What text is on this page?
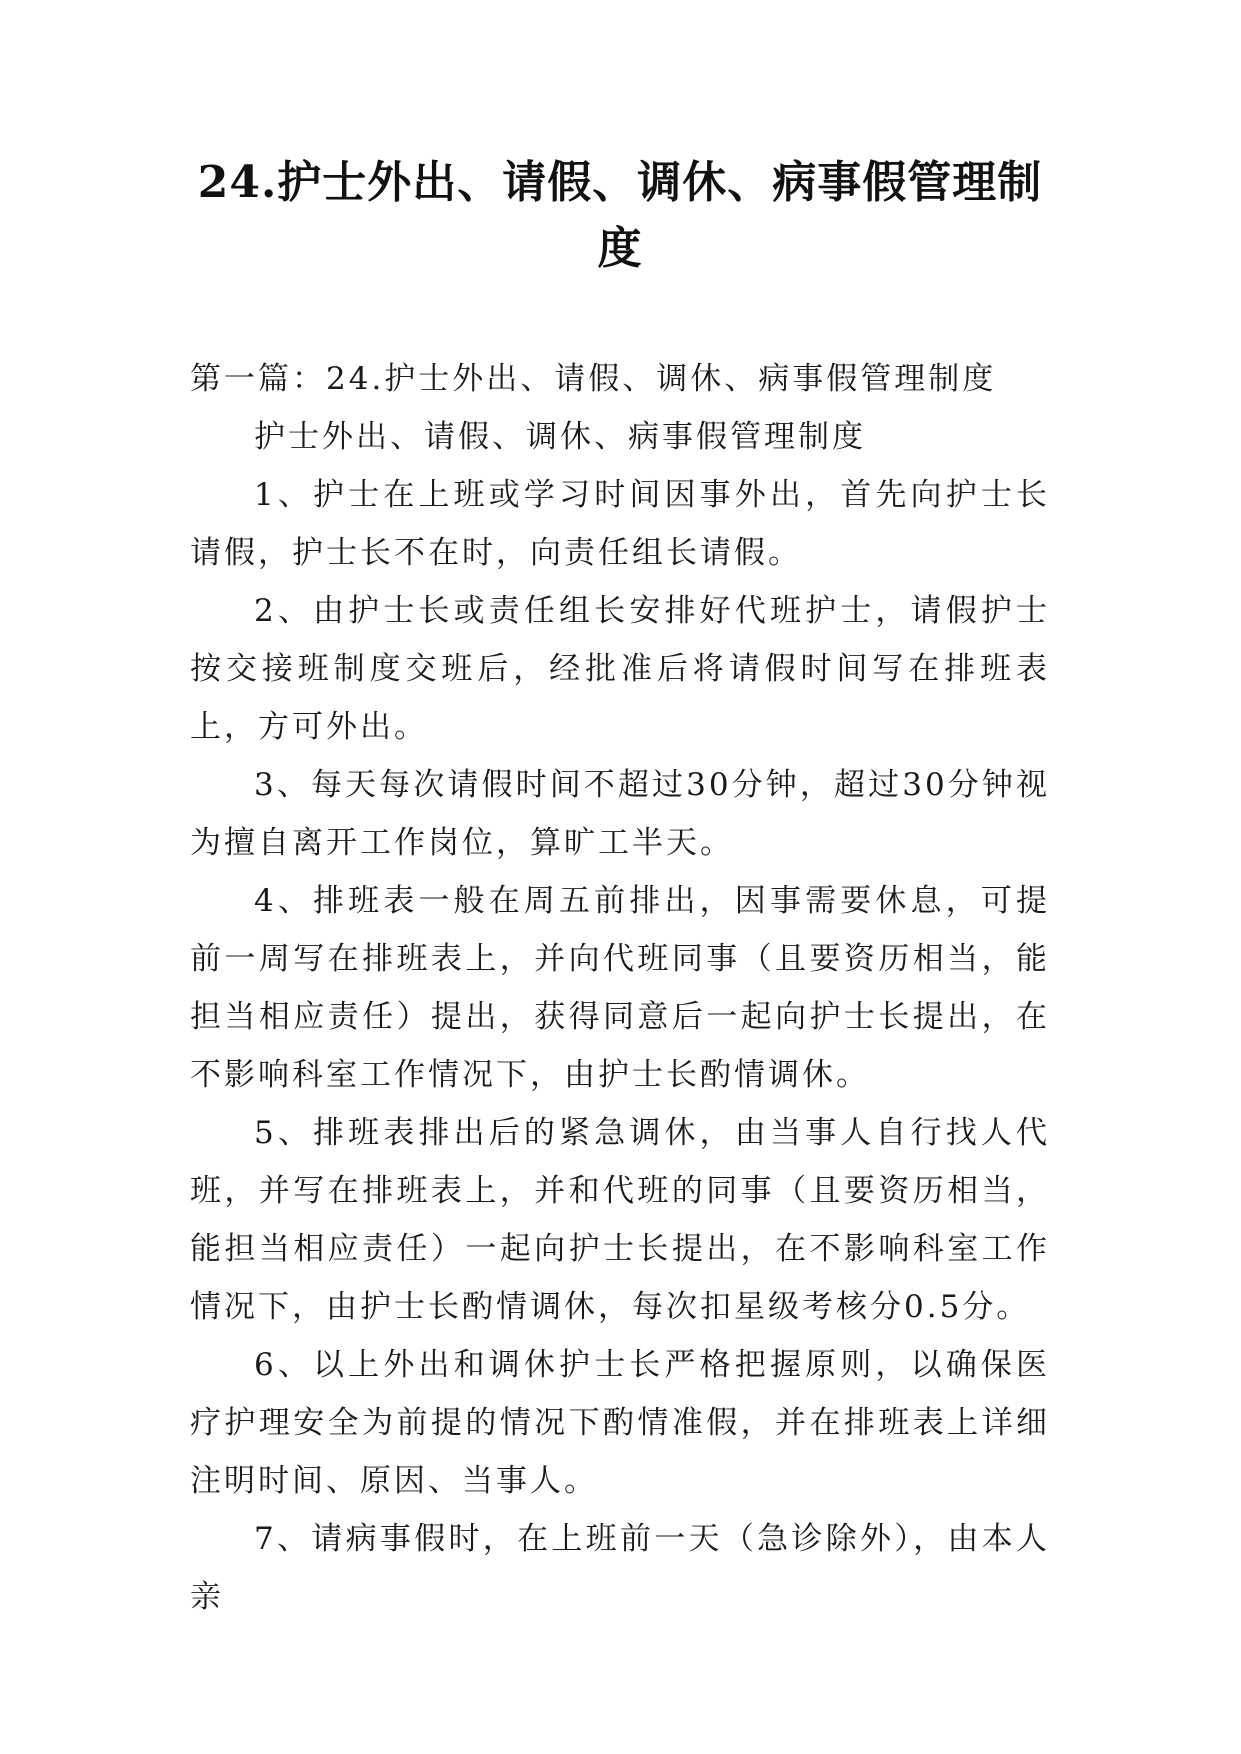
24.护士外出、请假、调休、病事假管理制度

第一篇：24.护士外出、请假、调休、病事假管理制度

护士外出、请假、调休、病事假管理制度

1、护士在上班或学习时间因事外出，首先向护士长请假，护士长不在时，向责任组长请假。

2、由护士长或责任组长安排好代班护士，请假护士按交接班制度交班后，经批准后将请假时间写在排班表上，方可外出。

3、每天每次请假时间不超过30分钟，超过30分钟视为擅自离开工作岗位，算旷工半天。

4、排班表一般在周五前排出，因事需要休息，可提前一周写在排班表上，并向代班同事（且要资历相当，能担当相应责任）提出，获得同意后一起向护士长提出，在不影响科室工作情况下，由护士长酌情调休。

5、排班表排出后的紧急调休，由当事人自行找人代班，并写在排班表上，并和代班的同事（且要资历相当，能担当相应责任）一起向护士长提出，在不影响科室工作情况下，由护士长酌情调休，每次扣星级考核分0.5分。

6、以上外出和调休护士长严格把握原则，以确保医疗护理安全为前提的情况下酌情准假，并在排班表上详细注明时间、原因、当事人。

7、请病事假时，在上班前一天（急诊除外），由本人亲
